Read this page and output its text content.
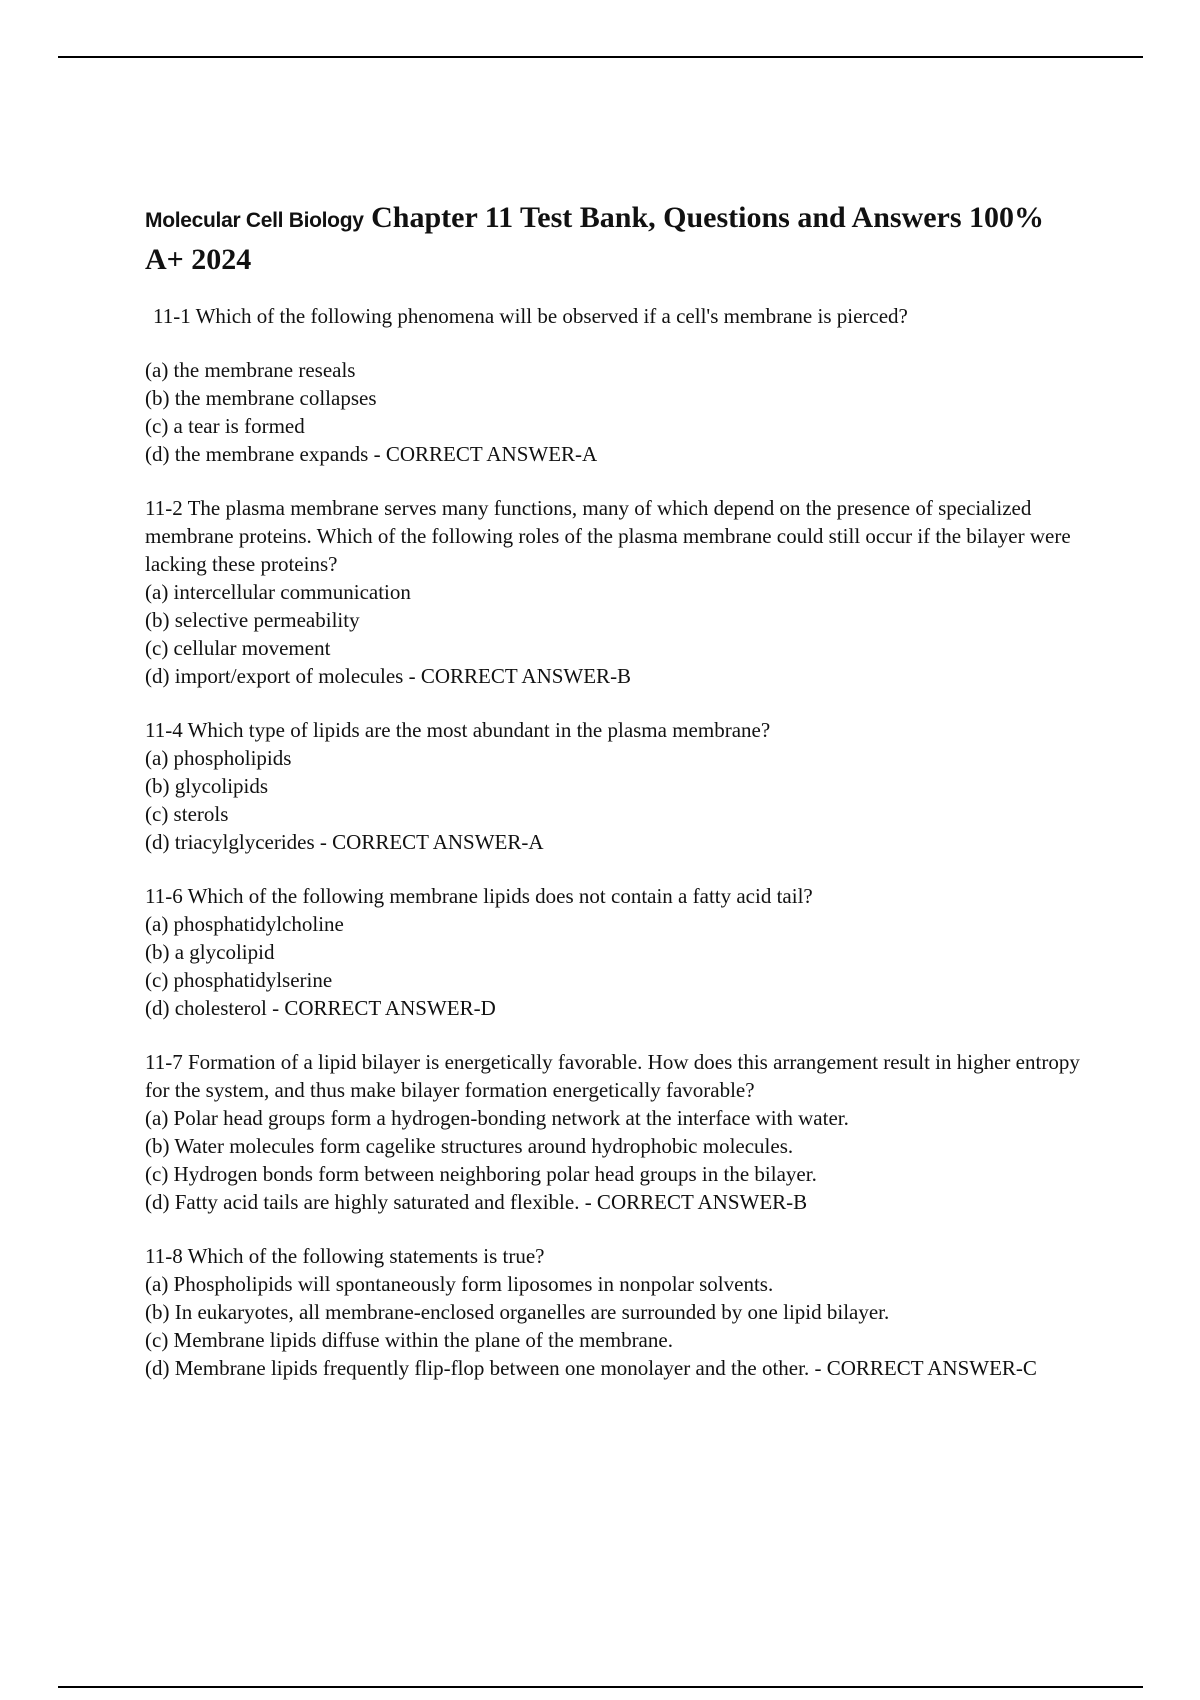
Molecular Cell Biology Chapter 11 Test Bank, Questions and Answers 100% A+ 2024

11-1 Which of the following phenomena will be observed if a cell's membrane is pierced?

(a) the membrane reseals

(b) the membrane collapses

(c) a tear is formed

(d) the membrane expands - CORRECT ANSWER-A

11-2 The plasma membrane serves many functions, many of which depend on the presence of specialized membrane proteins. Which of the following roles of the plasma membrane could still occur if the bilayer were lacking these proteins?

(a) intercellular communication

(b) selective permeability

(c) cellular movement

(d) import/export of molecules - CORRECT ANSWER-B

11-4 Which type of lipids are the most abundant in the plasma membrane?

(a) phospholipids

(b) glycolipids

(c) sterols

(d) triacylglycerides - CORRECT ANSWER-A

11-6 Which of the following membrane lipids does not contain a fatty acid tail?

(a) phosphatidylcholine

(b) a glycolipid

(c) phosphatidylserine

(d) cholesterol - CORRECT ANSWER-D

11-7 Formation of a lipid bilayer is energetically favorable. How does this arrangement result in higher entropy for the system, and thus make bilayer formation energetically favorable?

(a) Polar head groups form a hydrogen-bonding network at the interface with water.

(b) Water molecules form cagelike structures around hydrophobic molecules.

(c) Hydrogen bonds form between neighboring polar head groups in the bilayer.

(d) Fatty acid tails are highly saturated and flexible. - CORRECT ANSWER-B

11-8 Which of the following statements is true?

(a) Phospholipids will spontaneously form liposomes in nonpolar solvents.

(b) In eukaryotes, all membrane-enclosed organelles are surrounded by one lipid bilayer.

(c) Membrane lipids diffuse within the plane of the membrane.

(d) Membrane lipids frequently flip-flop between one monolayer and the other. - CORRECT ANSWER-C
